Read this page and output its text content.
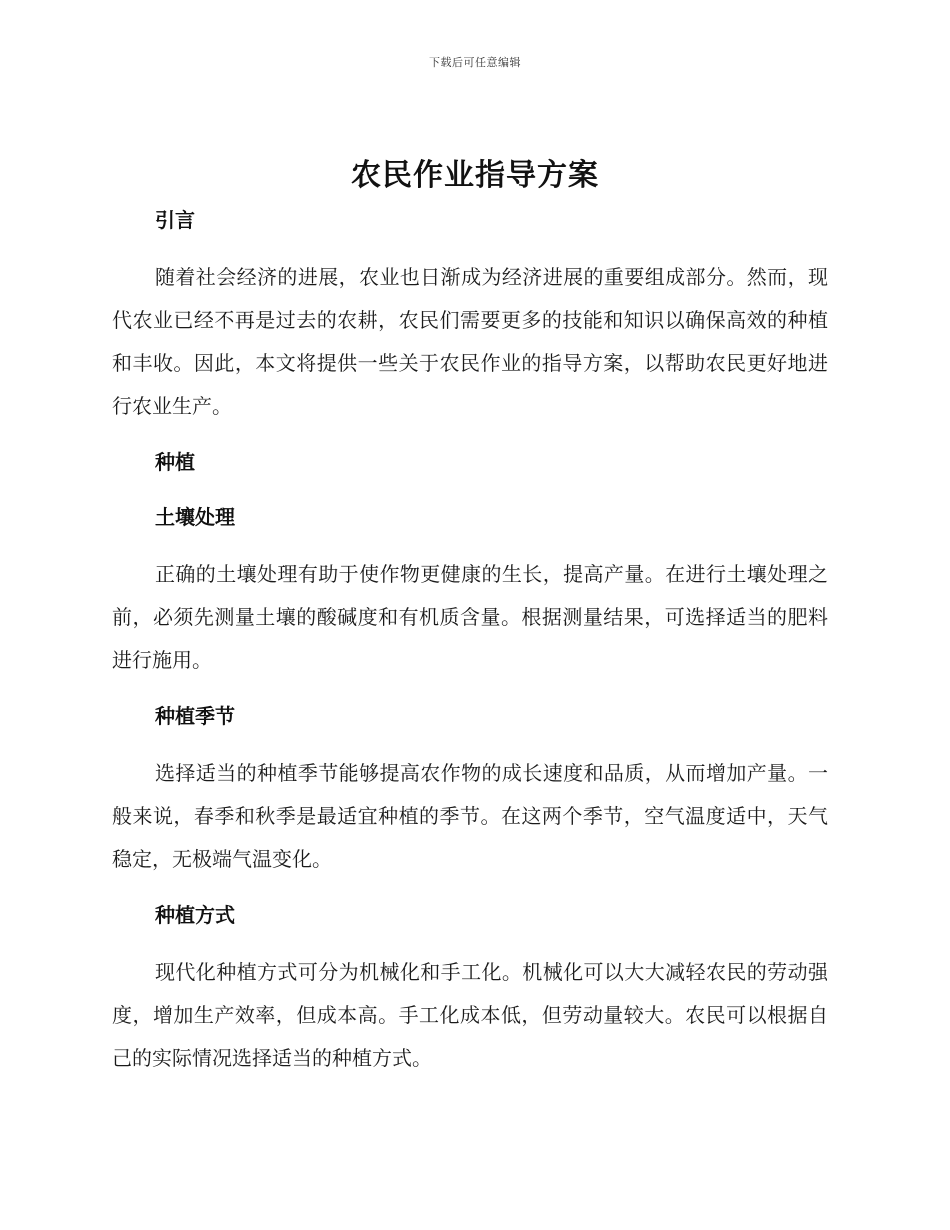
下载后可任意编辑
农民作业指导方案
引言

随着社会经济的进展，农业也日渐成为经济进展的重要组成部分。然而，现代农业已经不再是过去的农耕，农民们需要更多的技能和知识以确保高效的种植和丰收。因此，本文将提供一些关于农民作业的指导方案，以帮助农民更好地进行农业生产。

种植
土壤处理

正确的土壤处理有助于使作物更健康的生长，提高产量。在进行土壤处理之前，必须先测量土壤的酸碱度和有机质含量。根据测量结果，可选择适当的肥料进行施用。

种植季节

选择适当的种植季节能够提高农作物的成长速度和品质，从而增加产量。一般来说，春季和秋季是最适宜种植的季节。在这两个季节，空气温度适中，天气稳定，无极端气温变化。

种植方式

现代化种植方式可分为机械化和手工化。机械化可以大大减轻农民的劳动强度，增加生产效率，但成本高。手工化成本低，但劳动量较大。农民可以根据自己的实际情况选择适当的种植方式。
